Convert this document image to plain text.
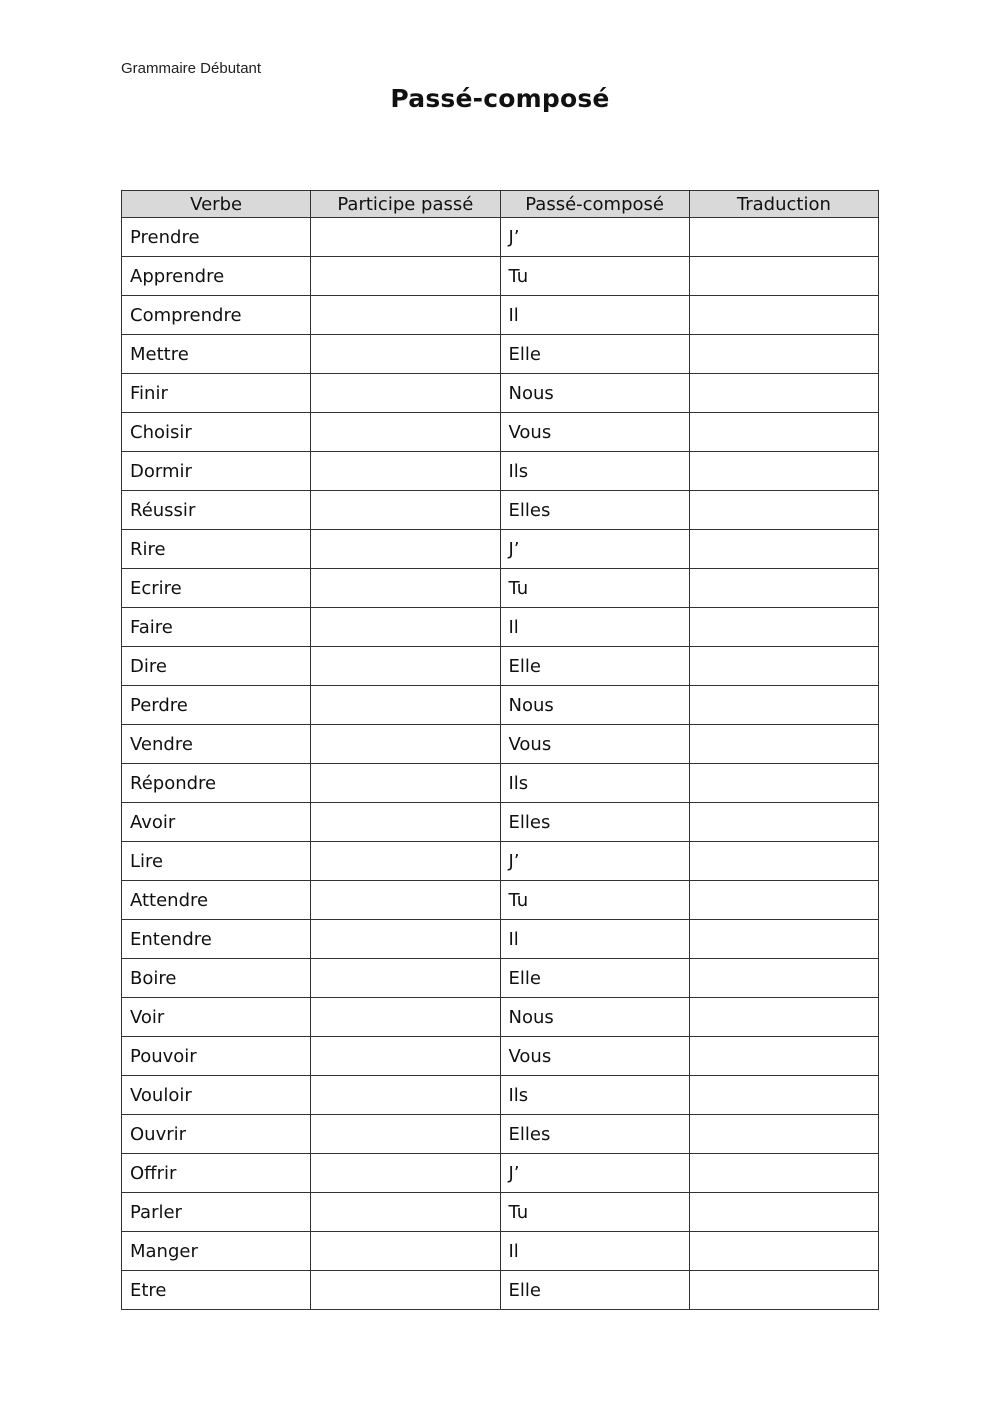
Grammaire Débutant
Passé-composé
Verbe	Participe passé	Passé-composé	Traduction
Prendre		J’	
Apprendre		Tu	
Comprendre		Il	
Mettre		Elle	
Finir		Nous	
Choisir		Vous	
Dormir		Ils	
Réussir		Elles	
Rire		J’	
Ecrire		Tu	
Faire		Il	
Dire		Elle	
Perdre		Nous	
Vendre		Vous	
Répondre		Ils	
Avoir		Elles	
Lire		J’	
Attendre		Tu	
Entendre		Il	
Boire		Elle	
Voir		Nous	
Pouvoir		Vous	
Vouloir		Ils	
Ouvrir		Elles	
Offrir		J’	
Parler		Tu	
Manger		Il	
Etre		Elle	
